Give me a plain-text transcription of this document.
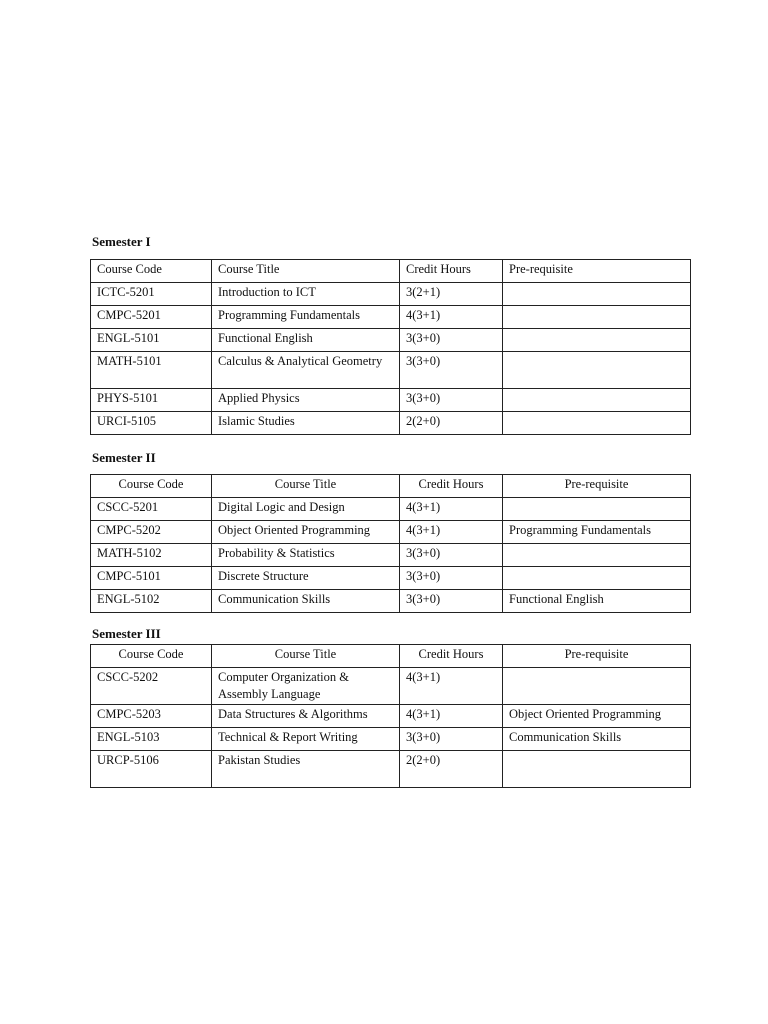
Semester I
Course Code	Course Title	Credit Hours	Pre-requisite
ICTC-5201	Introduction to ICT	3(2+1)	
CMPC-5201	Programming Fundamentals	4(3+1)	
ENGL-5101	Functional English	3(3+0)	
MATH-5101	Calculus & Analytical Geometry	3(3+0)	
PHYS-5101	Applied Physics	3(3+0)	
URCI-5105	Islamic Studies	2(2+0)	
Semester II
Course Code	Course Title	Credit Hours	Pre-requisite
CSCC-5201	Digital Logic and Design	4(3+1)	
CMPC-5202	Object Oriented Programming	4(3+1)	Programming Fundamentals
MATH-5102	Probability & Statistics	3(3+0)	
CMPC-5101	Discrete Structure	3(3+0)	
ENGL-5102	Communication Skills	3(3+0)	Functional English
Semester III
Course Code	Course Title	Credit Hours	Pre-requisite
CSCC-5202	Computer Organization & Assembly Language	4(3+1)	
CMPC-5203	Data Structures & Algorithms	4(3+1)	Object Oriented Programming
ENGL-5103	Technical & Report Writing	3(3+0)	Communication Skills
URCP-5106	Pakistan Studies	2(2+0)	
